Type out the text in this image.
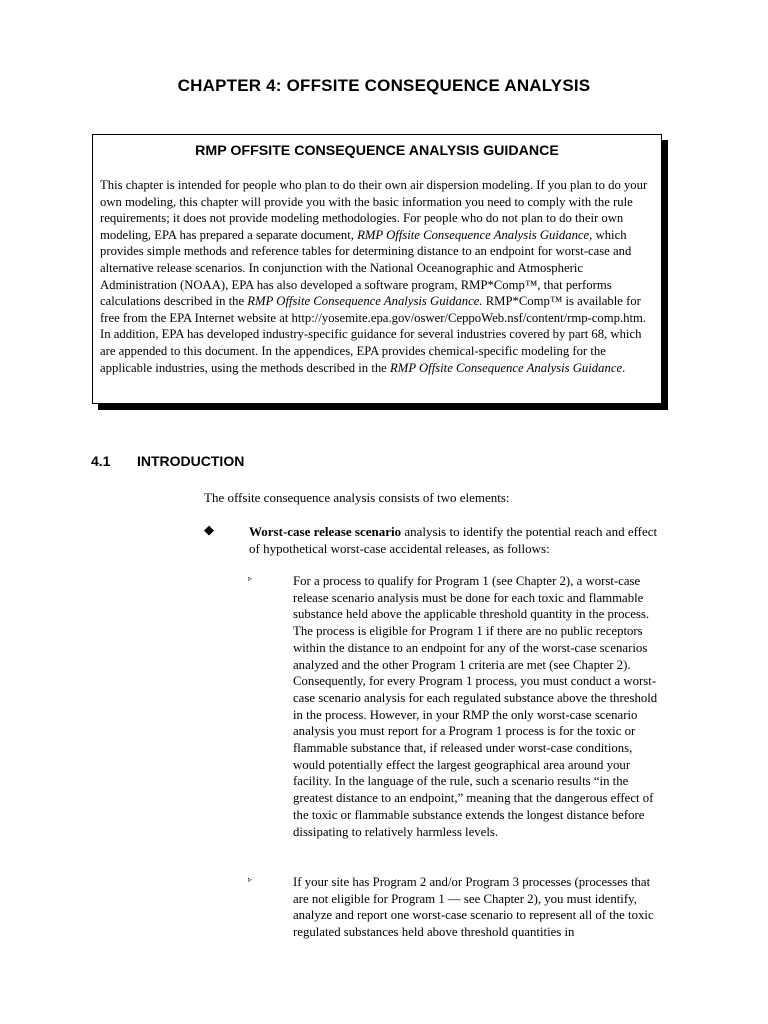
CHAPTER 4: OFFSITE CONSEQUENCE ANALYSIS
RMP OFFSITE CONSEQUENCE ANALYSIS GUIDANCE

This chapter is intended for people who plan to do their own air dispersion modeling. If you plan to do your own modeling, this chapter will provide you with the basic information you need to comply with the rule requirements; it does not provide modeling methodologies. For people who do not plan to do their own modeling, EPA has prepared a separate document, RMP Offsite Consequence Analysis Guidance, which provides simple methods and reference tables for determining distance to an endpoint for worst-case and alternative release scenarios. In conjunction with the National Oceanographic and Atmospheric Administration (NOAA), EPA has also developed a software program, RMP*Comp™, that performs calculations described in the RMP Offsite Consequence Analysis Guidance. RMP*Comp™ is available for free from the EPA Internet website at http://yosemite.epa.gov/oswer/CeppoWeb.nsf/content/rmp-comp.htm. In addition, EPA has developed industry-specific guidance for several industries covered by part 68, which are appended to this document. In the appendices, EPA provides chemical-specific modeling for the applicable industries, using the methods described in the RMP Offsite Consequence Analysis Guidance.

4.1 INTRODUCTION

The offsite consequence analysis consists of two elements:

◆	Worst-case release scenario analysis to identify the potential reach and effect of hypothetical worst-case accidental releases, as follows:

▹	For a process to qualify for Program 1 (see Chapter 2), a worst-case release scenario analysis must be done for each toxic and flammable substance held above the applicable threshold quantity in the process. The process is eligible for Program 1 if there are no public receptors within the distance to an endpoint for any of the worst-case scenarios analyzed and the other Program 1 criteria are met (see Chapter 2). Consequently, for every Program 1 process, you must conduct a worst-case scenario analysis for each regulated substance above the threshold in the process. However, in your RMP the only worst-case scenario analysis you must report for a Program 1 process is for the toxic or flammable substance that, if released under worst-case conditions, would potentially effect the largest geographical area around your facility. In the language of the rule, such a scenario results “in the greatest distance to an endpoint,” meaning that the dangerous effect of the toxic or flammable substance extends the longest distance before dissipating to relatively harmless levels.

▹	If your site has Program 2 and/or Program 3 processes (processes that are not eligible for Program 1 — see Chapter 2), you must identify, analyze and report one worst-case scenario to represent all of the toxic regulated substances held above threshold quantities in
